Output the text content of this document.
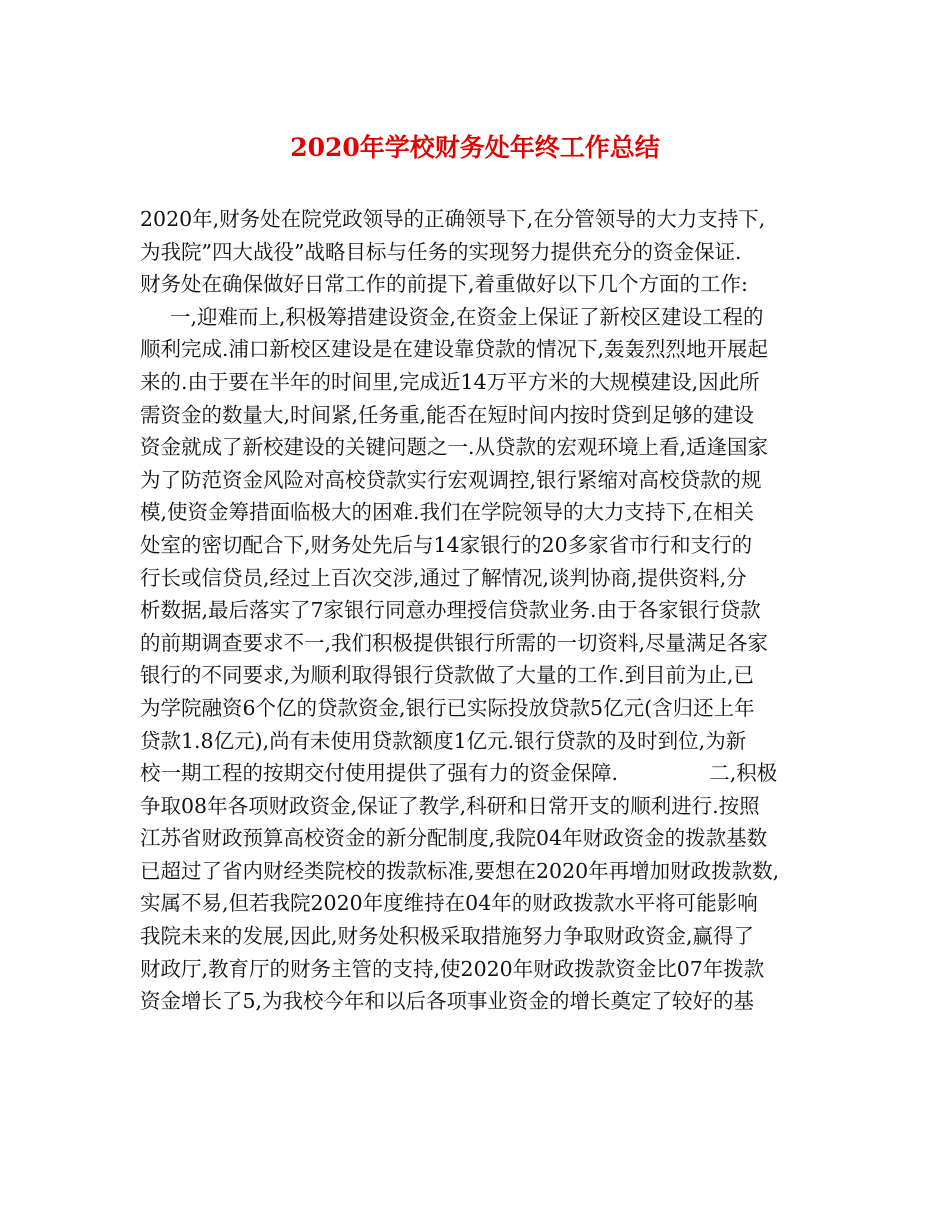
2020年学校财务处年终工作总结
2020年,财务处在院党政领导的正确领导下,在分管领导的大力支持下,
为我院”四大战役”战略目标与任务的实现努力提供充分的资金保证.
财务处在确保做好日常工作的前提下,着重做好以下几个方面的工作:
一,迎难而上,积极筹措建设资金,在资金上保证了新校区建设工程的
顺利完成.浦口新校区建设是在建设靠贷款的情况下,轰轰烈烈地开展起
来的.由于要在半年的时间里,完成近14万平方米的大规模建设,因此所
需资金的数量大,时间紧,任务重,能否在短时间内按时贷到足够的建设
资金就成了新校建设的关键问题之一.从贷款的宏观环境上看,适逢国家
为了防范资金风险对高校贷款实行宏观调控,银行紧缩对高校贷款的规
模,使资金筹措面临极大的困难.我们在学院领导的大力支持下,在相关
处室的密切配合下,财务处先后与14家银行的20多家省市行和支行的
行长或信贷员,经过上百次交涉,通过了解情况,谈判协商,提供资料,分
析数据,最后落实了7家银行同意办理授信贷款业务.由于各家银行贷款
的前期调查要求不一,我们积极提供银行所需的一切资料,尽量满足各家
银行的不同要求,为顺利取得银行贷款做了大量的工作.到目前为止,已
为学院融资6个亿的贷款资金,银行已实际投放贷款5亿元(含归还上年
贷款1.8亿元),尚有未使用贷款额度1亿元.银行贷款的及时到位,为新
校一期工程的按期交付使用提供了强有力的资金保障.              二,积极
争取08年各项财政资金,保证了教学,科研和日常开支的顺利进行.按照
江苏省财政预算高校资金的新分配制度,我院04年财政资金的拨款基数
已超过了省内财经类院校的拨款标准,要想在2020年再增加财政拨款数,
实属不易,但若我院2020年度维持在04年的财政拨款水平将可能影响
我院未来的发展,因此,财务处积极采取措施努力争取财政资金,赢得了
财政厅,教育厅的财务主管的支持,使2020年财政拨款资金比07年拨款
资金增长了5,为我校今年和以后各项事业资金的增长奠定了较好的基
